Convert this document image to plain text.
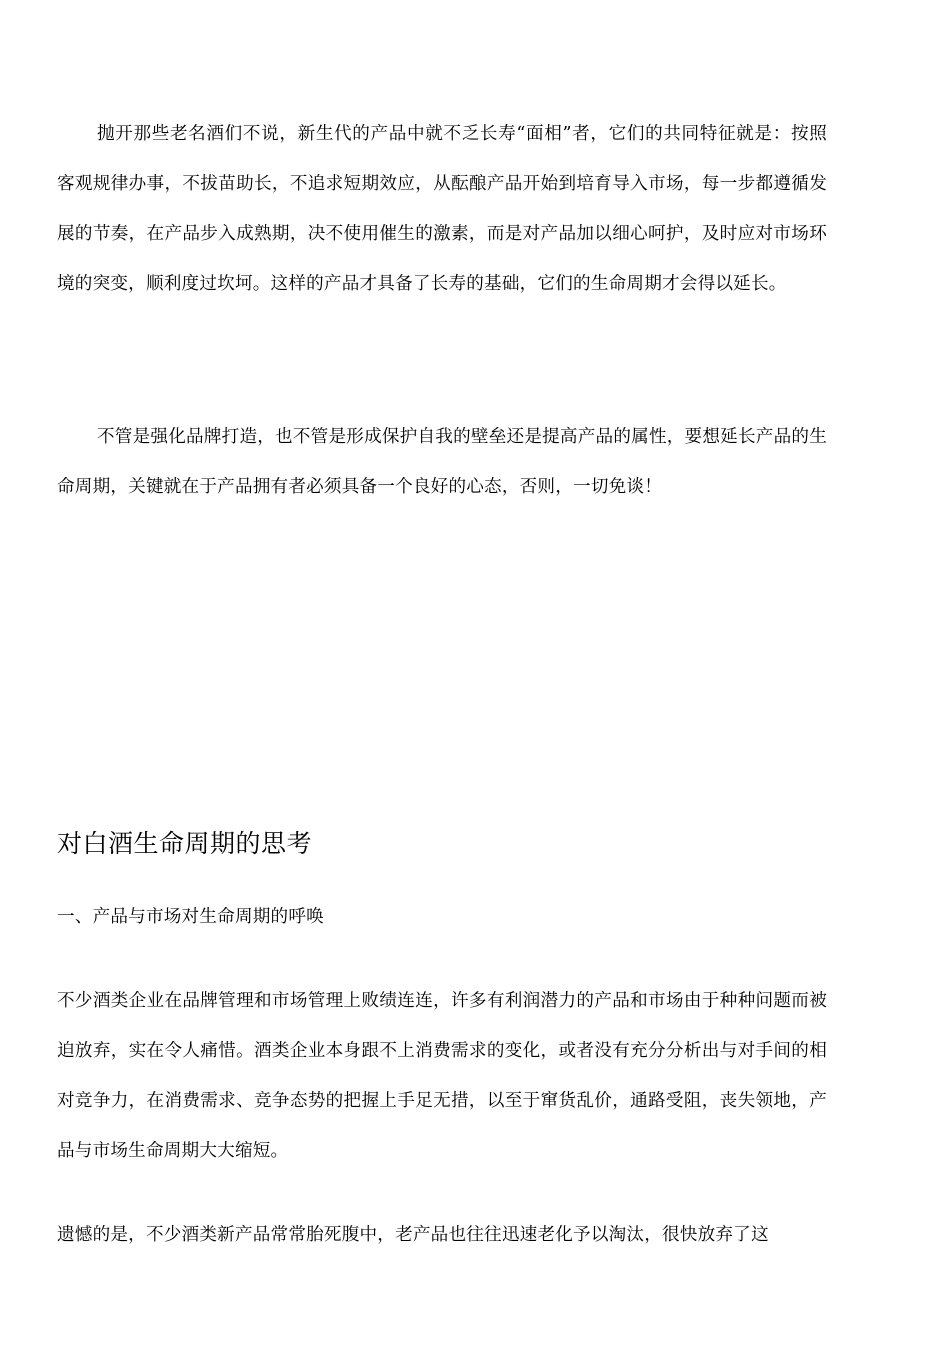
抛开那些老名酒们不说，新生代的产品中就不乏长寿“面相”者，它们的共同特征就是：按照客观规律办事，不拔苗助长，不追求短期效应，从酝酿产品开始到培育导入市场，每一步都遵循发展的节奏，在产品步入成熟期，决不使用催生的激素，而是对产品加以细心呵护，及时应对市场环境的突变，顺利度过坎坷。这样的产品才具备了长寿的基础，它们的生命周期才会得以延长。

不管是强化品牌打造，也不管是形成保护自我的壁垒还是提高产品的属性，要想延长产品的生命周期，关键就在于产品拥有者必须具备一个良好的心态，否则，一切免谈！

对白酒生命周期的思考
一、产品与市场对生命周期的呼唤

不少酒类企业在品牌管理和市场管理上败绩连连，许多有利润潜力的产品和市场由于种种问题而被迫放弃，实在令人痛惜。酒类企业本身跟不上消费需求的变化，或者没有充分分析出与对手间的相对竞争力，在消费需求、竞争态势的把握上手足无措，以至于窜货乱价，通路受阻，丧失领地，产品与市场生命周期大大缩短。

遗憾的是，不少酒类新产品常常胎死腹中，老产品也往往迅速老化予以淘汰，很快放弃了这
